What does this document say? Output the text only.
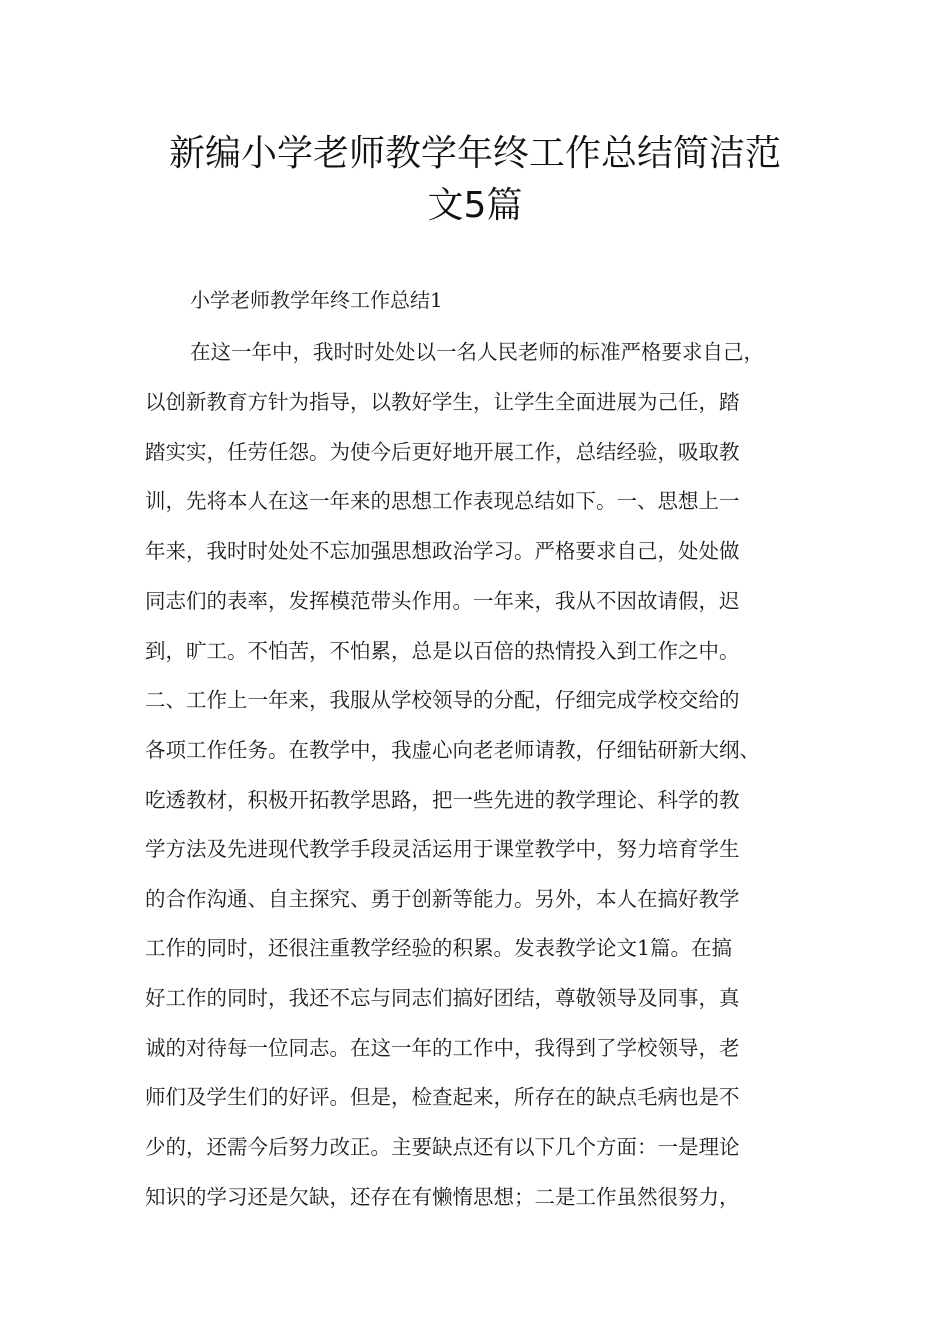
新编小学老师教学年终工作总结简洁范
文5篇

小学老师教学年终工作总结1

在这一年中，我时时处处以一名人民老师的标准严格要求自己，

以创新教育方针为指导，以教好学生，让学生全面进展为己任，踏

踏实实，任劳任怨。为使今后更好地开展工作，总结经验，吸取教

训，先将本人在这一年来的思想工作表现总结如下。一、思想上一

年来，我时时处处不忘加强思想政治学习。严格要求自己，处处做

同志们的表率，发挥模范带头作用。一年来，我从不因故请假，迟

到，旷工。不怕苦，不怕累，总是以百倍的热情投入到工作之中。

二、工作上一年来，我服从学校领导的分配，仔细完成学校交给的

各项工作任务。在教学中，我虚心向老老师请教，仔细钻研新大纲、

吃透教材，积极开拓教学思路，把一些先进的教学理论、科学的教

学方法及先进现代教学手段灵活运用于课堂教学中，努力培育学生

的合作沟通、自主探究、勇于创新等能力。另外，本人在搞好教学

工作的同时，还很注重教学经验的积累。发表教学论文1篇。在搞

好工作的同时，我还不忘与同志们搞好团结，尊敬领导及同事，真

诚的对待每一位同志。在这一年的工作中，我得到了学校领导，老

师们及学生们的好评。但是，检查起来，所存在的缺点毛病也是不

少的，还需今后努力改正。主要缺点还有以下几个方面：一是理论

知识的学习还是欠缺，还存在有懒惰思想；二是工作虽然很努力，
